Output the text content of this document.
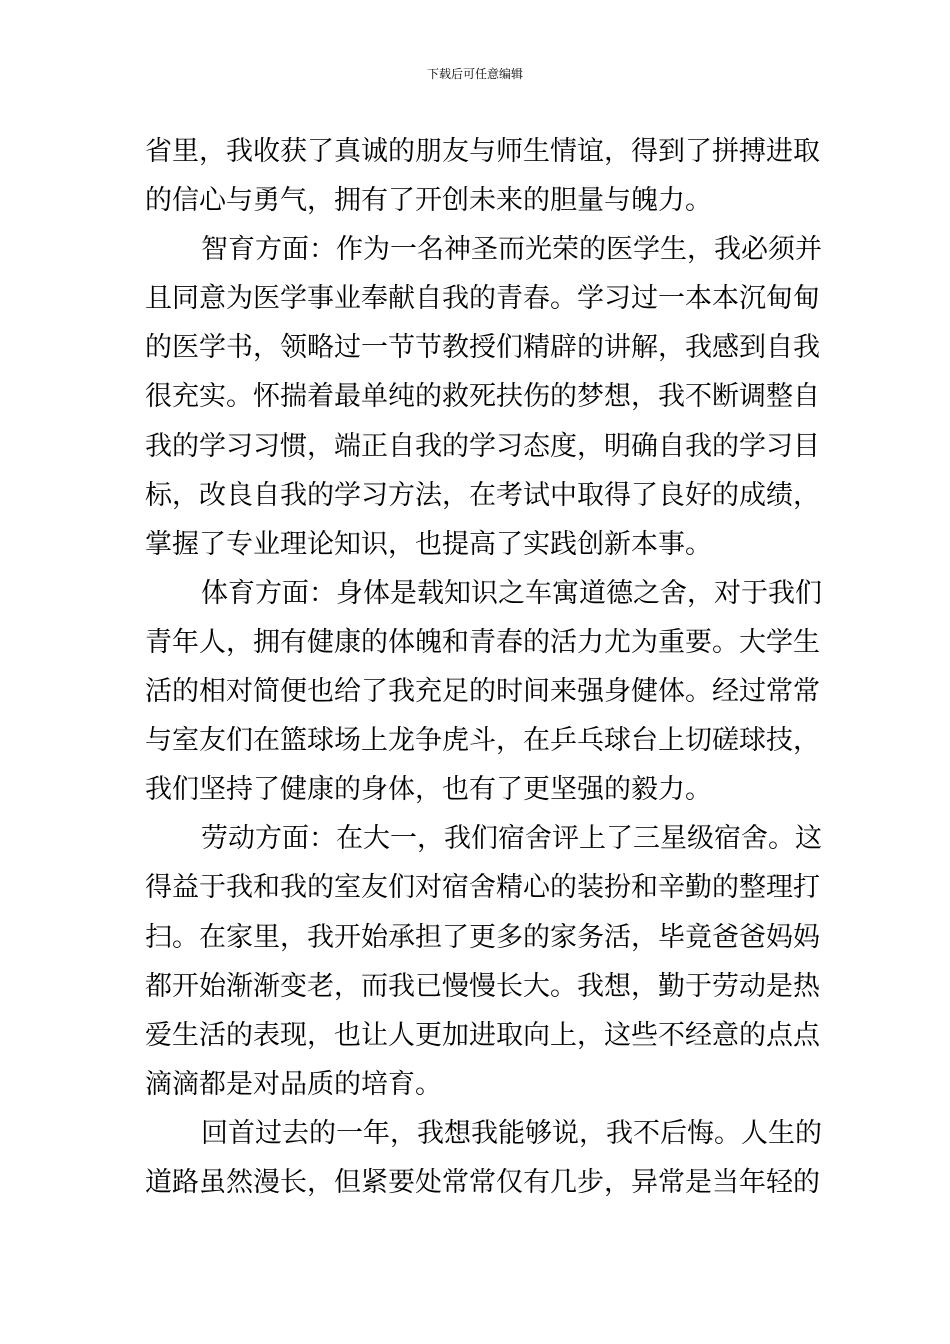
下载后可任意编辑
省里，我收获了真诚的朋友与师生情谊，得到了拼搏进取
的信心与勇气，拥有了开创未来的胆量与魄力。
智育方面：作为一名神圣而光荣的医学生，我必须并
且同意为医学事业奉献自我的青春。学习过一本本沉甸甸
的医学书，领略过一节节教授们精辟的讲解，我感到自我
很充实。怀揣着最单纯的救死扶伤的梦想，我不断调整自
我的学习习惯，端正自我的学习态度，明确自我的学习目
标，改良自我的学习方法，在考试中取得了良好的成绩，
掌握了专业理论知识，也提高了实践创新本事。
体育方面：身体是载知识之车寓道德之舍，对于我们
青年人，拥有健康的体魄和青春的活力尤为重要。大学生
活的相对简便也给了我充足的时间来强身健体。经过常常
与室友们在篮球场上龙争虎斗，在乒乓球台上切磋球技，
我们坚持了健康的身体，也有了更坚强的毅力。
劳动方面：在大一，我们宿舍评上了三星级宿舍。这
得益于我和我的室友们对宿舍精心的装扮和辛勤的整理打
扫。在家里，我开始承担了更多的家务活，毕竟爸爸妈妈
都开始渐渐变老，而我已慢慢长大。我想，勤于劳动是热
爱生活的表现，也让人更加进取向上，这些不经意的点点
滴滴都是对品质的培育。
回首过去的一年，我想我能够说，我不后悔。人生的
道路虽然漫长，但紧要处常常仅有几步，异常是当年轻的
